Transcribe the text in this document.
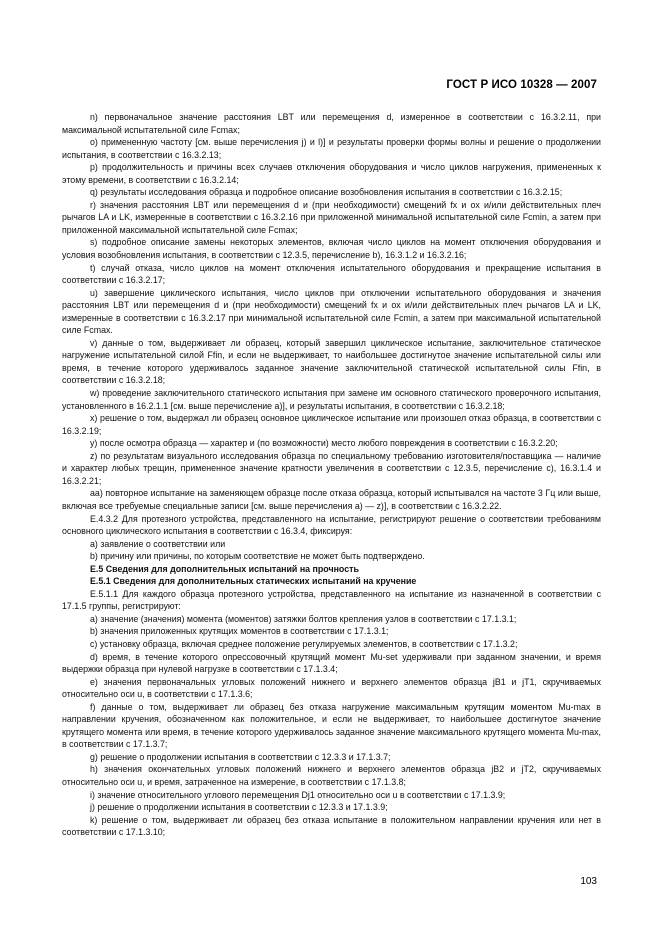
ГОСТ Р ИСО 10328 — 2007

n) первоначальное значение расстояния LBT или перемещения d, измеренное в соответствии с 16.3.2.11, при максимальной испытательной силе Fcmax;

o) примененную частоту [см. выше перечисления j) и l)] и результаты проверки формы волны и решение о продолжении испытания, в соответствии с 16.3.2.13;

p) продолжительность и причины всех случаев отключения оборудования и число циклов нагружения, примененных к этому времени, в соответствии с 16.3.2.14;

q) результаты исследования образца и подробное описание возобновления испытания в соответствии с 16.3.2.15;

r) значения расстояния LBT или перемещения d и (при необходимости) смещений fx и ox и/или действительных плеч рычагов LA и LK, измеренные в соответствии с 16.3.2.16 при приложенной минимальной испытательной силе Fcmin, а затем при приложенной максимальной испытательной силе Fcmax;

s) подробное описание замены некоторых элементов, включая число циклов на момент отключения оборудования и условия возобновления испытания, в соответствии с 12.3.5, перечисление b), 16.3.1.2 и 16.3.2.16;

t) случай отказа, число циклов на момент отключения испытательного оборудования и прекращение испытания в соответствии с 16.3.2.17;

u) завершение циклического испытания, число циклов при отключении испытательного оборудования и значения расстояния LBT или перемещения d и (при необходимости) смещений fx и ox и/или действительных плеч рычагов LA и LK, измеренные в соответствии с 16.3.2.17 при минимальной испытательной силе Fcmin, а затем при максимальной испытательной силе Fcmax.

v) данные о том, выдерживает ли образец, который завершил циклическое испытание, заключительное статическое нагружение испытательной силой Ffin, и если не выдерживает, то наибольшее достигнутое значение испытательной силы или время, в течение которого удерживалось заданное значение заключительной статической испытательной силы Ffin, в соответствии с 16.3.2.18;

w) проведение заключительного статического испытания при замене им основного статического проверочного испытания, установленного в 16.2.1.1 [см. выше перечисление a)], и результаты испытания, в соответствии с 16.3.2.18;

x) решение о том, выдержал ли образец основное циклическое испытание или произошел отказ образца, в соответствии с 16.3.2.19;

y) после осмотра образца — характер и (по возможности) место любого повреждения в соответствии с 16.3.2.20;

z) по результатам визуального исследования образца по специальному требованию изготовителя/поставщика — наличие и характер любых трещин, примененное значение кратности увеличения в соответствии с 12.3.5, перечисление c), 16.3.1.4 и 16.3.2.21;

aa) повторное испытание на заменяющем образце после отказа образца, который испытывался на частоте 3 Гц или выше, включая все требуемые специальные записи [см. выше перечисления a) — z)], в соответствии с 16.3.2.22.

E.4.3.2 Для протезного устройства, представленного на испытание, регистрируют решение о соответствии требованиям основного циклического испытания в соответствии с 16.3.4, фиксируя:

a) заявление о соответствии или

b) причину или причины, по которым соответствие не может быть подтверждено.

E.5 Сведения для дополнительных испытаний на прочность

E.5.1 Сведения для дополнительных статических испытаний на кручение

E.5.1.1 Для каждого образца протезного устройства, представленного на испытание из назначенной в соответствии с 17.1.5 группы, регистрируют:

a) значение (значения) момента (моментов) затяжки болтов крепления узлов в соответствии с 17.1.3.1;

b) значения приложенных крутящих моментов в соответствии с 17.1.3.1;

c) установку образца, включая среднее положение регулируемых элементов, в соответствии с 17.1.3.2;

d) время, в течение которого опрессовочный крутящий момент Mu-set удерживали при заданном значении, и время выдержки образца при нулевой нагрузке в соответствии с 17.1.3.4;

e) значения первоначальных угловых положений нижнего и верхнего элементов образца jB1 и jT1, скручиваемых относительно оси u, в соответствии с 17.1.3.6;

f) данные о том, выдерживает ли образец без отказа нагружение максимальным крутящим моментом Mu-max в направлении кручения, обозначенном как положительное, и если не выдерживает, то наибольшее достигнутое значение крутящего момента или время, в течение которого удерживалось заданное значение максимального крутящего момента Mu-max, в соответствии с 17.1.3.7;

g) решение о продолжении испытания в соответствии с 12.3.3 и 17.1.3.7;

h) значения окончательных угловых положений нижнего и верхнего элементов образца jB2 и jT2, скручиваемых относительно оси u, и время, затраченное на измерение, в соответствии с 17.1.3.8;

i) значение относительного углового перемещения Dj1 относительно оси u в соответствии с 17.1.3.9;

j) решение о продолжении испытания в соответствии с 12.3.3 и 17.1.3.9;

k) решение о том, выдерживает ли образец без отказа испытание в положительном направлении кручения или нет в соответствии с 17.1.3.10;

103
